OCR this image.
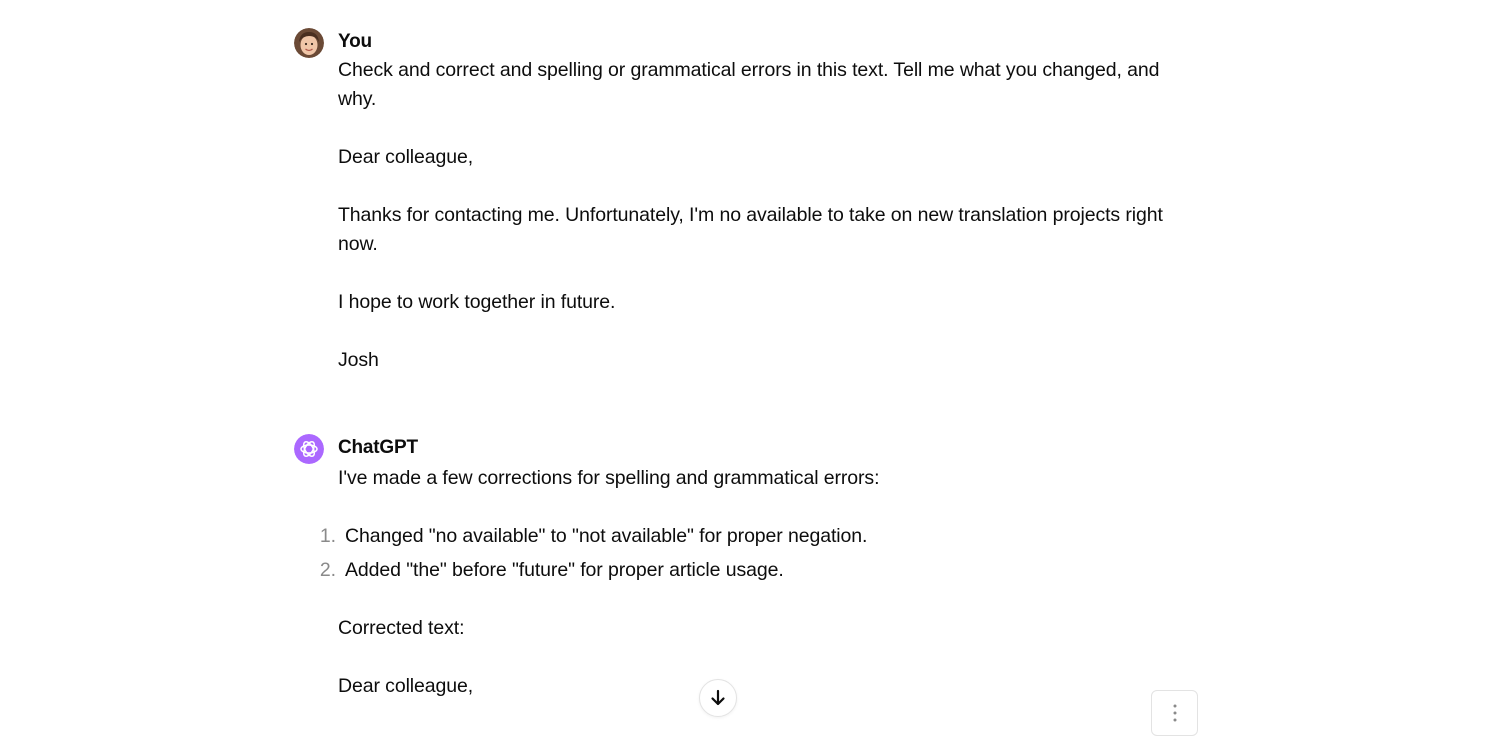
You

Check and correct and spelling or grammatical errors in this text. Tell me what you changed, and why.

Dear colleague,

Thanks for contacting me. Unfortunately, I'm no available to take on new translation projects right now.

I hope to work together in future.

Josh

ChatGPT

I've made a few corrections for spelling and grammatical errors:

1. Changed "no available" to "not available" for proper negation.
2. Added "the" before "future" for proper article usage.

Corrected text:

Dear colleague,
